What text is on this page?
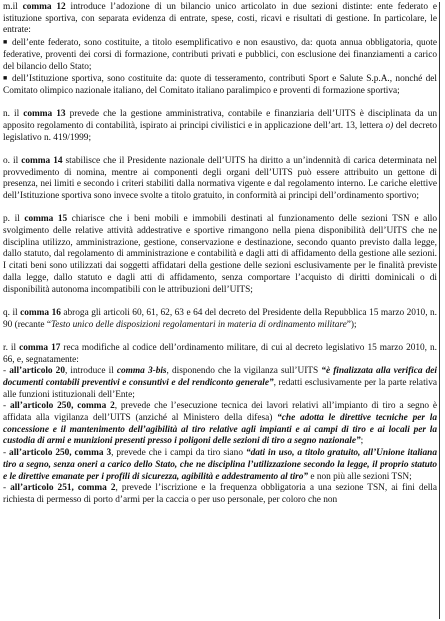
m.il comma 12 introduce l’adozione di un bilancio unico articolato in due sezioni distinte: ente federato e istituzione sportiva, con separata evidenza di entrate, spese, costi, ricavi e risultati di gestione. In particolare, le entrate:

■ dell’ente federato, sono costituite, a titolo esemplificativo e non esaustivo, da: quota annua obbligatoria, quote federative, proventi dei corsi di formazione, contributi privati e pubblici, con esclusione dei finanziamenti a carico del bilancio dello Stato;

■ dell’Istituzione sportiva, sono costituite da: quote di tesseramento, contributi Sport e Salute S.p.A., nonché del Comitato olimpico nazionale italiano, del Comitato italiano paralimpico e proventi di formazione sportiva;

n. il comma 13 prevede che la gestione amministrativa, contabile e finanziaria dell’UITS è disciplinata da un apposito regolamento di contabilità, ispirato ai principi civilistici e in applicazione dell’art. 13, lettera o) del decreto legislativo n. 419/1999;

o. il comma 14 stabilisce che il Presidente nazionale dell’UITS ha diritto a un’indennità di carica determinata nel provvedimento di nomina, mentre ai componenti degli organi dell’UITS può essere attribuito un gettone di presenza, nei limiti e secondo i criteri stabiliti dalla normativa vigente e dal regolamento interno. Le cariche elettive dell’Istituzione sportiva sono invece svolte a titolo gratuito, in conformità ai principi dell’ordinamento sportivo;

p. il comma 15 chiarisce che i beni mobili e immobili destinati al funzionamento delle sezioni TSN e allo svolgimento delle relative attività addestrative e sportive rimangono nella piena disponibilità dell’UITS che ne disciplina utilizzo, amministrazione, gestione, conservazione e destinazione, secondo quanto previsto dalla legge, dallo statuto, dal regolamento di amministrazione e contabilità e dagli atti di affidamento della gestione alle sezioni. I citati beni sono utilizzati dai soggetti affidatari della gestione delle sezioni esclusivamente per le finalità previste dalla legge, dallo statuto e dagli atti di affidamento, senza comportare l’acquisto di diritti dominicali o di disponibilità autonoma incompatibili con le attribuzioni dell’UITS;

q. il comma 16 abroga gli articoli 60, 61, 62, 63 e 64 del decreto del Presidente della Repubblica 15 marzo 2010, n. 90 (recante “Testo unico delle disposizioni regolamentari in materia di ordinamento militare”);

r. il comma 17 reca modifiche al codice dell’ordinamento militare, di cui al decreto legislativo 15 marzo 2010, n. 66, e, segnatamente:

- all’articolo 20, introduce il comma 3-bis, disponendo che la vigilanza sull’UITS “è finalizzata alla verifica dei documenti contabili preventivi e consuntivi e del rendiconto generale”, redatti esclusivamente per la parte relativa alle funzioni istituzionali dell’Ente;

- all’articolo 250, comma 2, prevede che l’esecuzione tecnica dei lavori relativi all’impianto di tiro a segno è affidata alla vigilanza dell’UITS (anziché al Ministero della difesa) “che adotta le direttive tecniche per la concessione e il mantenimento dell’agibilità al tiro relative agli impianti e ai campi di tiro e ai locali per la custodia di armi e munizioni presenti presso i poligoni delle sezioni di tiro a segno nazionale”;

- all’articolo 250, comma 3, prevede che i campi da tiro siano “dati in uso, a titolo gratuito, all’Unione italiana tiro a segno, senza oneri a carico dello Stato, che ne disciplina l’utilizzazione secondo la legge, il proprio statuto e le direttive emanate per i profili di sicurezza, agibilità e addestramento al tiro” e non più alle sezioni TSN;

- all’articolo 251, comma 2, prevede l’iscrizione e la frequenza obbligatoria a una sezione TSN, ai fini della richiesta di permesso di porto d’armi per la caccia o per uso personale, per coloro che non
